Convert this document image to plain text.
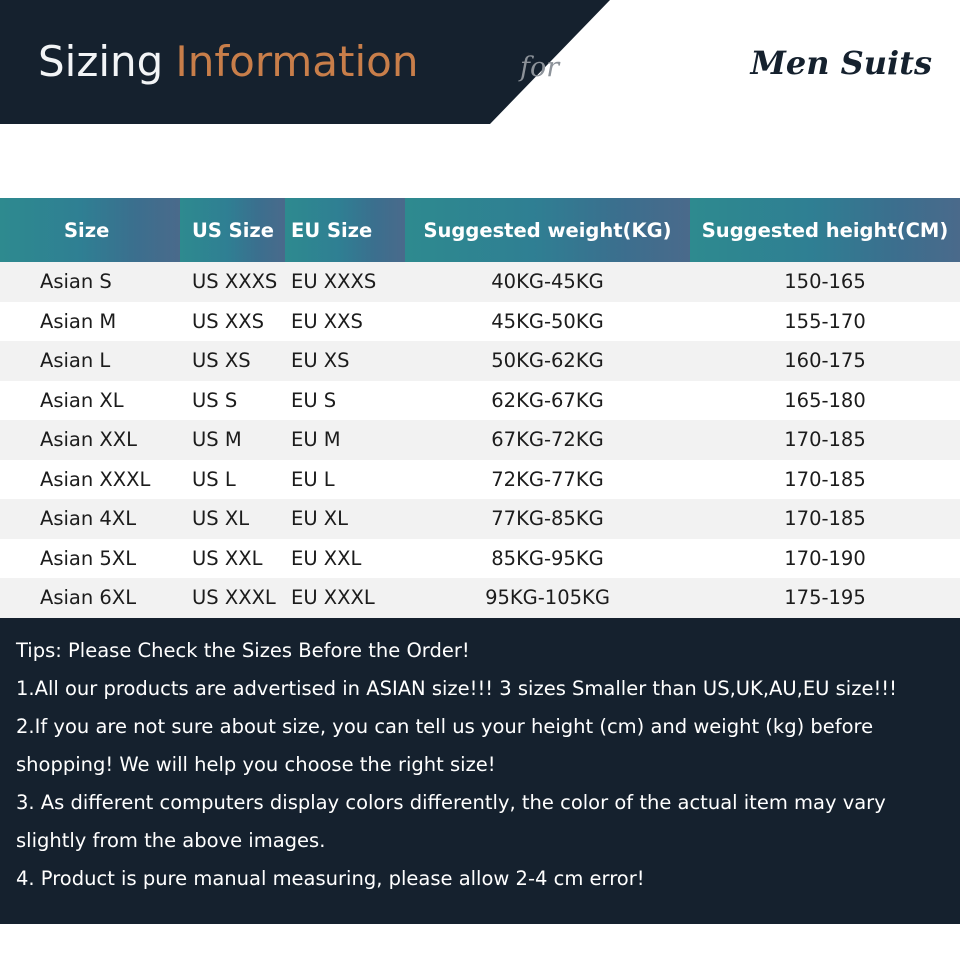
Sizing Information	for	Men Suits
Size	US Size	EU Size	Suggested weight(KG)	Suggested height(CM)
Asian S	US XXXS	EU XXXS	40KG-45KG	150-165
Asian M	US XXS	EU XXS	45KG-50KG	155-170
Asian L	US XS	EU XS	50KG-62KG	160-175
Asian XL	US S	EU S	62KG-67KG	165-180
Asian XXL	US M	EU M	67KG-72KG	170-185
Asian XXXL	US L	EU L	72KG-77KG	170-185
Asian 4XL	US XL	EU XL	77KG-85KG	170-185
Asian 5XL	US XXL	EU XXL	85KG-95KG	170-190
Asian 6XL	US XXXL	EU XXXL	95KG-105KG	175-195

Tips: Please Check the Sizes Before the Order!

1.All our products are advertised in ASIAN size!!! 3 sizes Smaller than US,UK,AU,EU size!!!

2.If you are not sure about size, you can tell us your height (cm) and weight (kg) before shopping! We will help you choose the right size!

3. As different computers display colors differently, the color of the actual item may vary slightly from the above images.

4. Product is pure manual measuring, please allow 2-4 cm error!
